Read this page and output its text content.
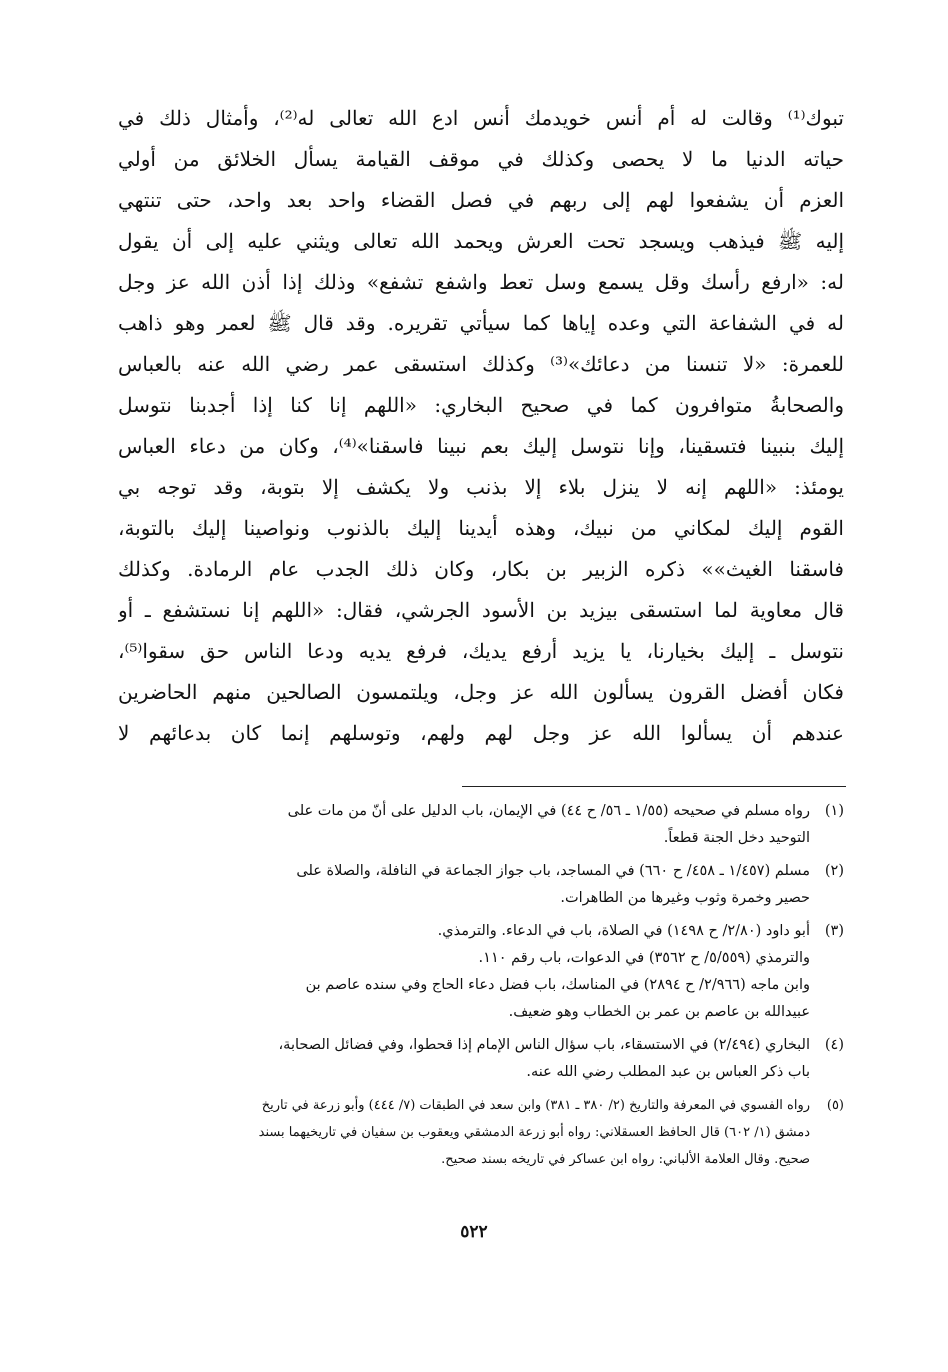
تبوك⁽¹⁾ وقالت له أم أنس خويدمك أنس ادع الله تعالى له⁽²⁾، وأمثال ذلك في
حياته الدنيا ما لا يحصى وكذلك في موقف القيامة يسأل الخلائق من أولي
العزم أن يشفعوا لهم إلى ربهم في فصل القضاء واحد بعد واحد، حتى تنتهي
إليه ﷺ فيذهب ويسجد تحت العرش ويحمد الله تعالى ويثني عليه إلى أن يقول
له: «ارفع رأسك وقل يسمع وسل تعط واشفع تشفع» وذلك إذا أذن الله عز وجل
له في الشفاعة التي وعده إياها كما سيأتي تقريره. وقد قال ﷺ لعمر وهو ذاهب
للعمرة: «لا تنسنا من دعائك»⁽³⁾ وكذلك استسقى عمر رضي الله عنه بالعباس
والصحابةُ متوافرون كما في صحيح البخاري: «اللهم إنا كنا إذا أجدبنا نتوسل
إليك بنبينا فتسقينا، وإنا نتوسل إليك بعم نبينا فاسقنا»⁽⁴⁾، وكان من دعاء العباس
يومئذ: «اللهم إنه لا ينزل بلاء إلا بذنب ولا يكشف إلا بتوبة، وقد توجه بي
القوم إليك لمكاني من نبيك، وهذه أيدينا إليك بالذنوب ونواصينا إليك بالتوبة،
فاسقنا الغيث»» ذكره الزبير بن بكار، وكان ذلك الجدب عام الرمادة. وكذلك
قال معاوية لما استسقى بيزيد بن الأسود الجرشي، فقال: «اللهم إنا نستشفع ـ أو
نتوسل ـ إليك بخيارنا، يا يزيد أرفع يديك، فرفع يديه ودعا الناس حق سقوا⁽⁵⁾،
فكان أفضل القرون يسألون الله عز وجل، ويلتمسون الصالحين منهم الحاضرين
عندهم أن يسألوا الله عز وجل لهم ولهم، وتوسلهم إنما كان بدعائهم لا
(١)رواه مسلم في صحيحه (١/٥٥ ـ ٥٦/ ح ٤٤) في الإيمان، باب الدليل على أنّ من مات على
التوحيد دخل الجنة قطعاً.
(٢)مسلم (١/٤٥٧ ـ ٤٥٨/ ح ٦٦٠) في المساجد، باب جواز الجماعة في النافلة، والصلاة على
حصير وخمرة وثوب وغيرها من الطاهرات.
(٣)أبو داود (٢/٨٠/ ح ١٤٩٨) في الصلاة، باب في الدعاء. والترمذي.
والترمذي (٥/٥٥٩/ ح ٣٥٦٢) في الدعوات، باب رقم ١١٠.
وابن ماجه (٢/٩٦٦/ ح ٢٨٩٤) في المناسك، باب فضل دعاء الحاج وفي سنده عاصم بن
عبيدالله بن عاصم بن عمر بن الخطاب وهو ضعيف.
(٤)البخاري (٢/٤٩٤) في الاستسقاء، باب سؤال الناس الإمام إذا قحطوا، وفي فضائل الصحابة،
باب ذكر العباس بن عبد المطلب رضي الله عنه.
(٥)رواه الفسوي في المعرفة والتاريخ (٢/ ٣٨٠ ـ ٣٨١) وابن سعد في الطبقات (٧/ ٤٤٤) وأبو زرعة في تاريخ
دمشق (١/ ٦٠٢) قال الحافظ العسقلاني: رواه أبو زرعة الدمشقي ويعقوب بن سفيان في تاريخيهما بسند
صحيح. وقال العلامة الألباني: رواه ابن عساكر في تاريخه بسند صحيح.
٥٢٢
